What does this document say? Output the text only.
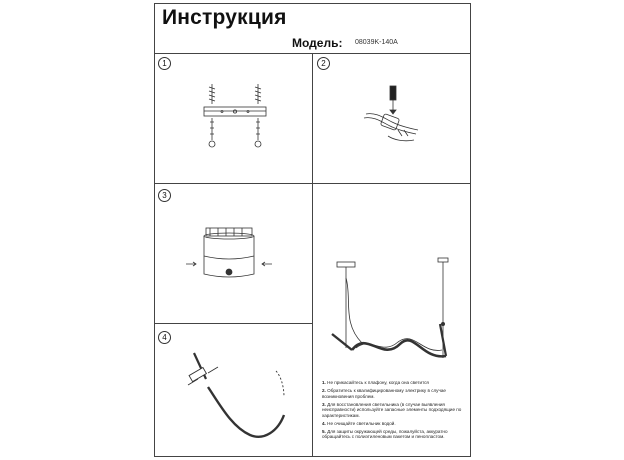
Инструкция
Модель: 08039K-140A
1	2
3
4

1. Не прикасайтесь к плафону, когда она светится

2. Обратитесь к квалифицированному электрику в случае возникновения проблем.

3. Для восстановления светильника (в случае выявления неисправности) используйте запасные элементы подходящие по характеристикам.

4. Не очищайте светильник водой.

5. Для защиты окружающей среды, пожалуйста, аккуратно обращайтесь с полиэтиленовым пакетом и пенопластом.
